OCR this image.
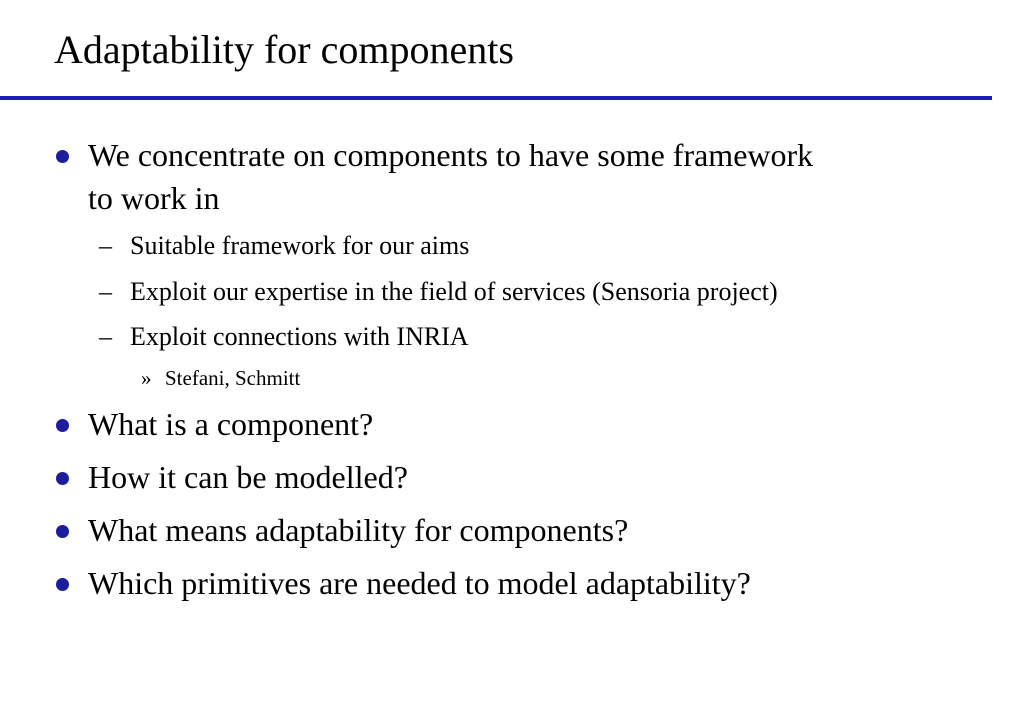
Adaptability for components
We concentrate on components to have some framework
to work in
– Suitable framework for our aims
– Exploit our expertise in the field of services (Sensoria project)
– Exploit connections with INRIA
» Stefani, Schmitt
What is a component?
How it can be modelled?
What means adaptability for components?
Which primitives are needed to model adaptability?
